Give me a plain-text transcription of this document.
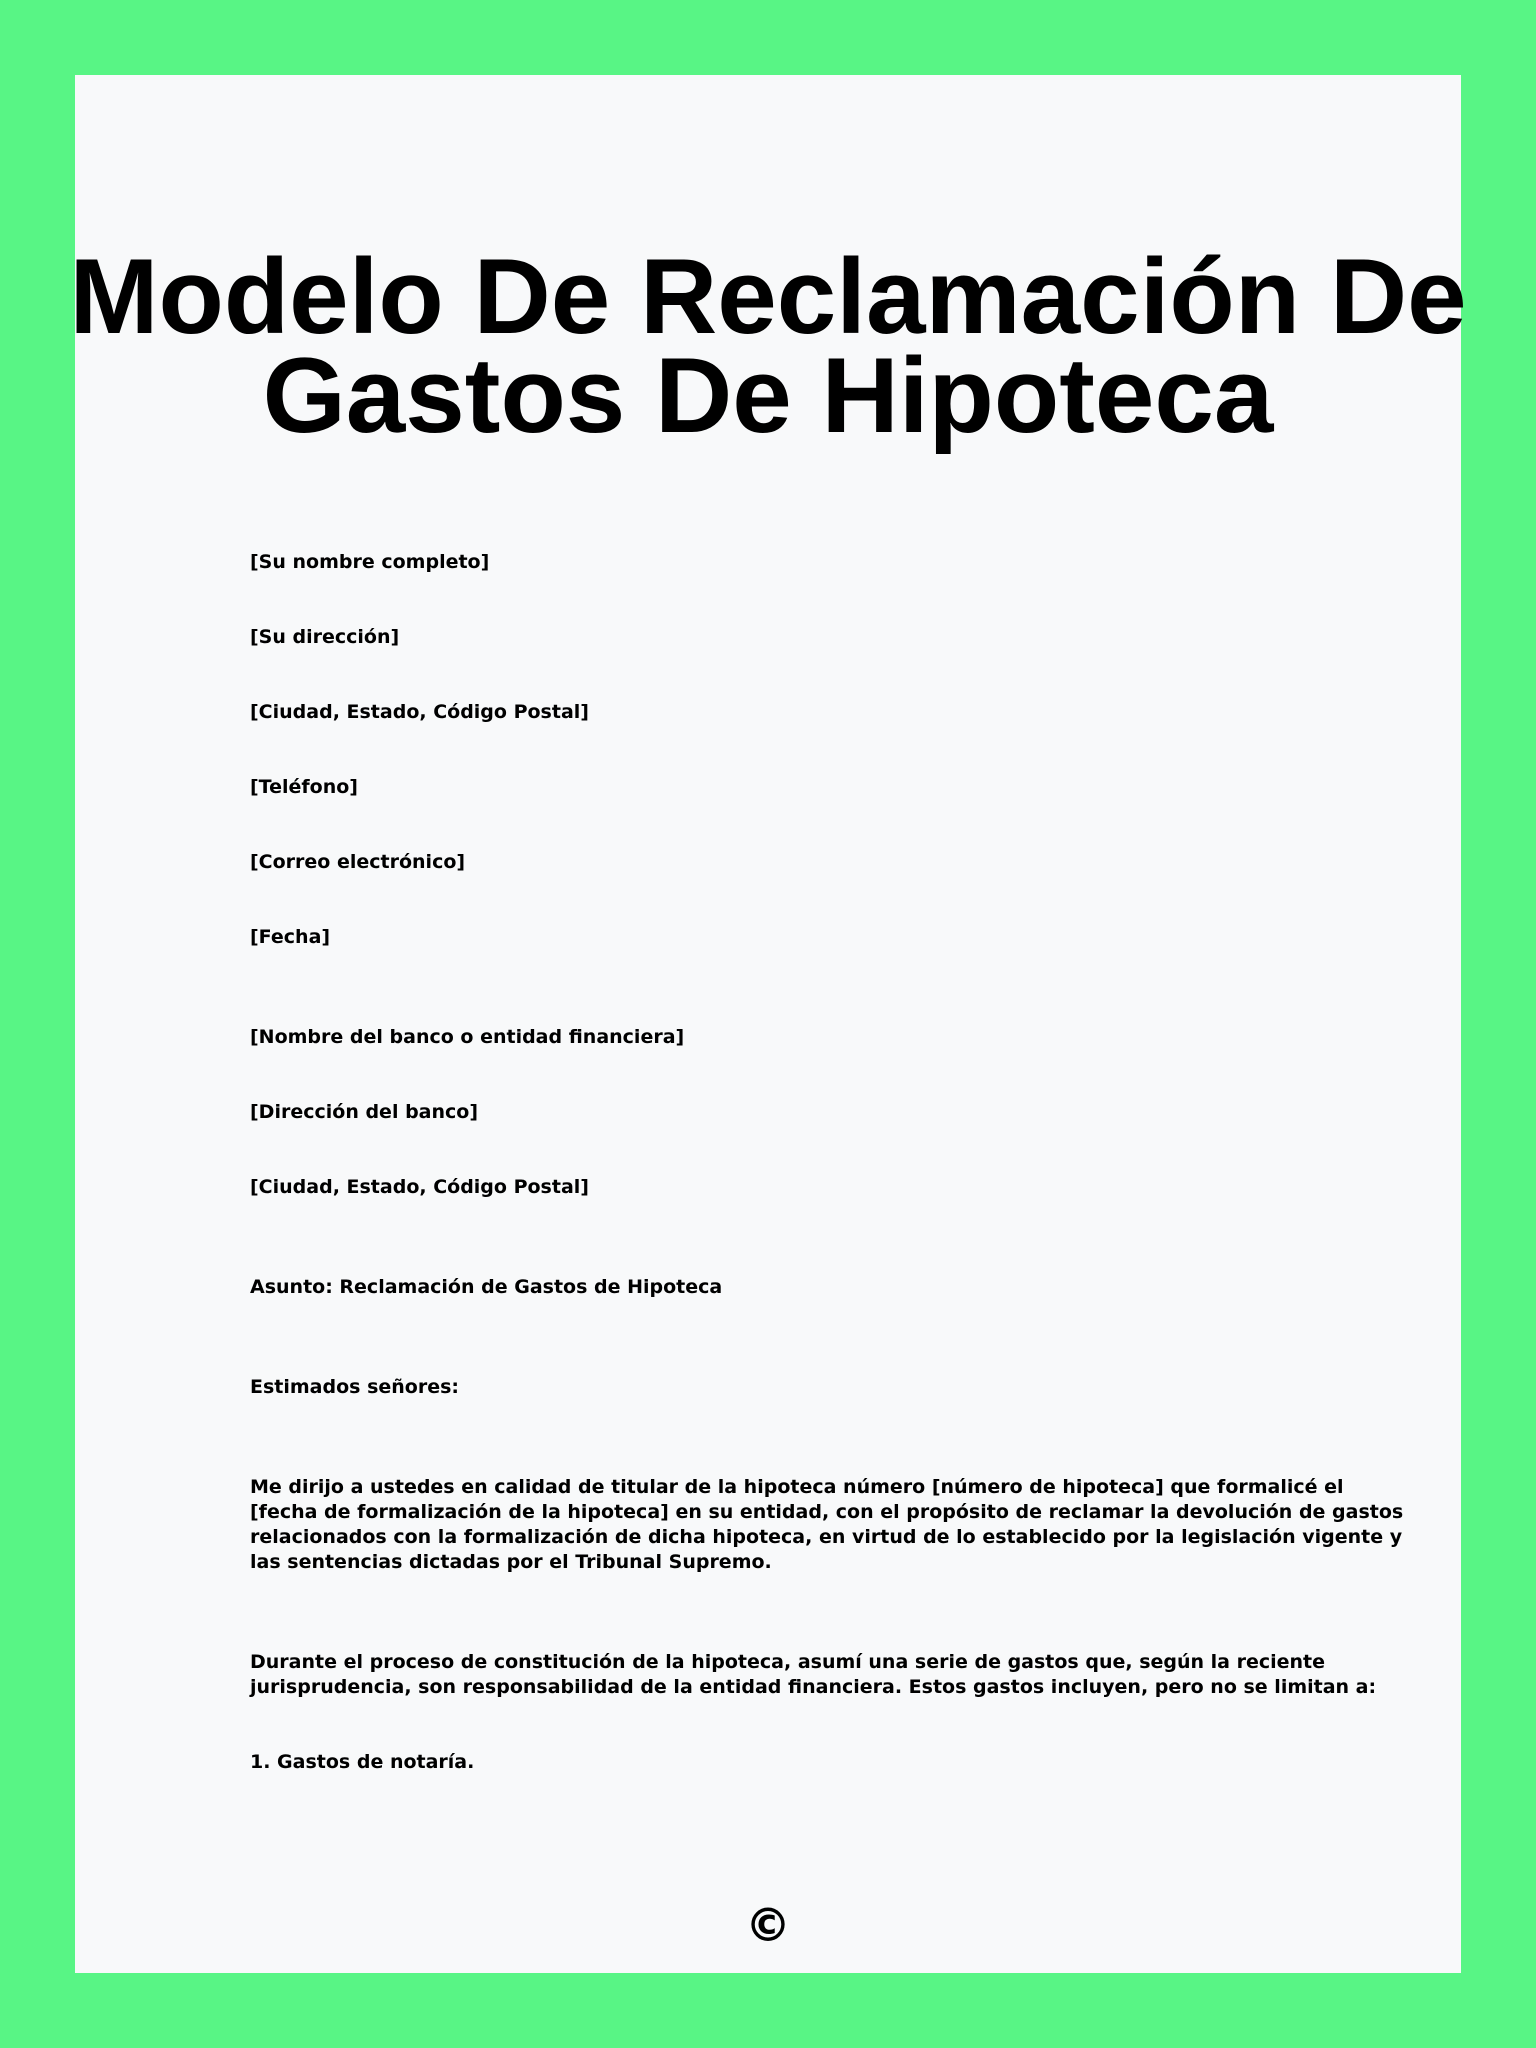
Modelo De Reclamación De
Gastos De Hipoteca
[Su nombre completo]
[Su dirección]
[Ciudad, Estado, Código Postal]
[Teléfono]
[Correo electrónico]
[Fecha]
[Nombre del banco o entidad financiera]
[Dirección del banco]
[Ciudad, Estado, Código Postal]
Asunto: Reclamación de Gastos de Hipoteca
Estimados señores:
Me dirijo a ustedes en calidad de titular de la hipoteca número [número de hipoteca] que formalicé el
[fecha de formalización de la hipoteca] en su entidad, con el propósito de reclamar la devolución de gastos
relacionados con la formalización de dicha hipoteca, en virtud de lo establecido por la legislación vigente y
las sentencias dictadas por el Tribunal Supremo.
Durante el proceso de constitución de la hipoteca, asumí una serie de gastos que, según la reciente
jurisprudencia, son responsabilidad de la entidad financiera. Estos gastos incluyen, pero no se limitan a:
1. Gastos de notaría.
©
